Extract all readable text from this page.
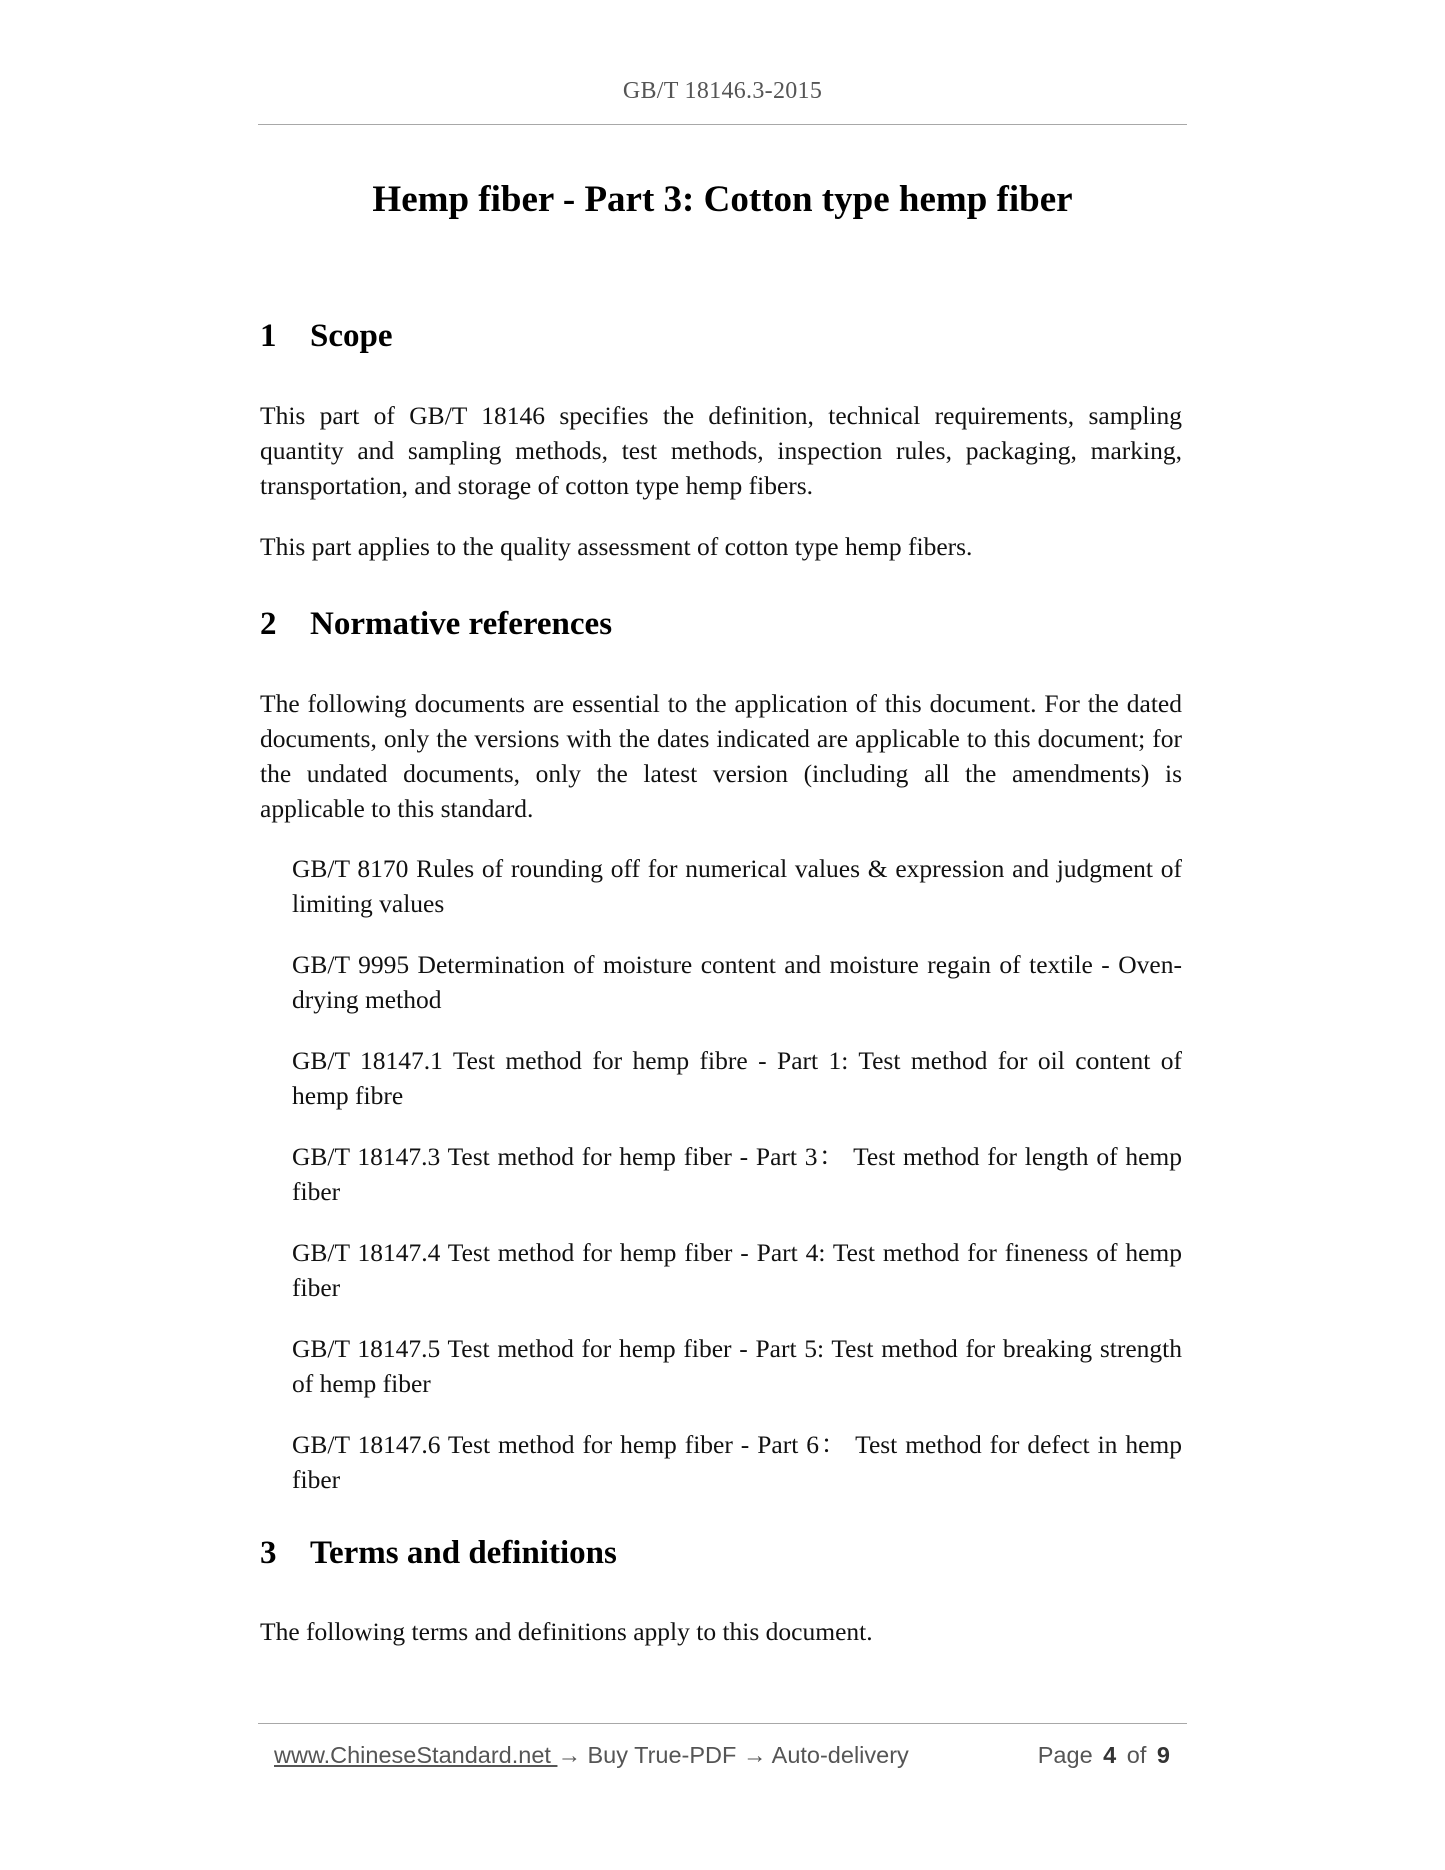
GB/T 18146.3-2015
Hemp fiber - Part 3: Cotton type hemp fiber
1 Scope
This part of GB/T 18146 specifies the definition, technical requirements, sampling quantity and sampling methods, test methods, inspection rules, packaging, marking, transportation, and storage of cotton type hemp fibers.
This part applies to the quality assessment of cotton type hemp fibers.
2 Normative references
The following documents are essential to the application of this document. For the dated documents, only the versions with the dates indicated are applicable to this document; for the undated documents, only the latest version (including all the amendments) is applicable to this standard.
GB/T 8170 Rules of rounding off for numerical values & expression and judgment of limiting values
GB/T 9995 Determination of moisture content and moisture regain of textile - Oven-drying method
GB/T 18147.1 Test method for hemp fibre - Part 1: Test method for oil content of hemp fibre
GB/T 18147.3 Test method for hemp fiber - Part 3： Test method for length of hemp fiber
GB/T 18147.4 Test method for hemp fiber - Part 4: Test method for fineness of hemp fiber
GB/T 18147.5 Test method for hemp fiber - Part 5: Test method for breaking strength of hemp fiber
GB/T 18147.6 Test method for hemp fiber - Part 6： Test method for defect in hemp fiber
3 Terms and definitions
The following terms and definitions apply to this document.
www.ChineseStandard.net → Buy True-PDF → Auto-delivery	Page 4 of 9
